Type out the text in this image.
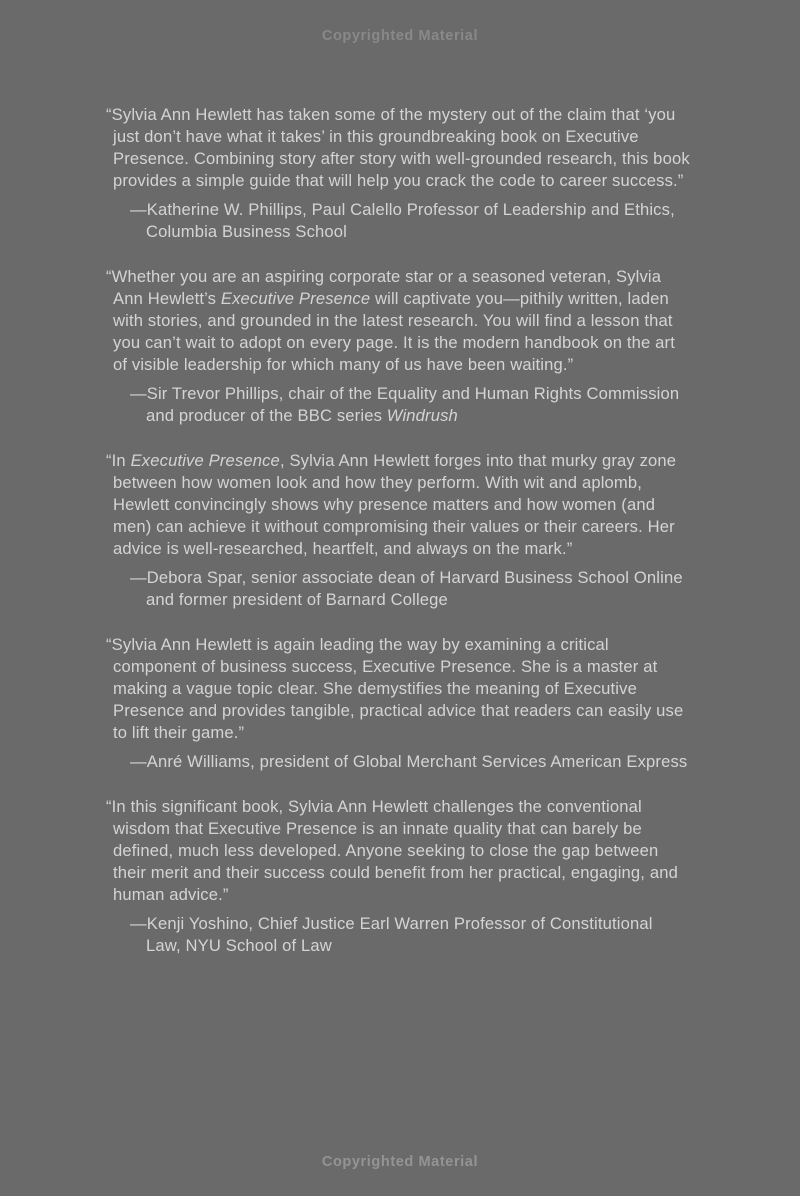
Copyrighted Material

“Sylvia Ann Hewlett has taken some of the mystery out of the claim that ‘you just don’t have what it takes’ in this groundbreaking book on Executive Presence. Combining story after story with well-grounded research, this book provides a simple guide that will help you crack the code to career success.”

—Katherine W. Phillips, Paul Calello Professor of Leadership and Ethics, Columbia Business School

“Whether you are an aspiring corporate star or a seasoned veteran, Sylvia Ann Hewlett’s Executive Presence will captivate you—pithily written, laden with stories, and grounded in the latest research. You will find a lesson that you can’t wait to adopt on every page. It is the modern handbook on the art of visible leadership for which many of us have been waiting.”

—Sir Trevor Phillips, chair of the Equality and Human Rights Commission and producer of the BBC series Windrush

“In Executive Presence, Sylvia Ann Hewlett forges into that murky gray zone between how women look and how they perform. With wit and aplomb, Hewlett convincingly shows why presence matters and how women (and men) can achieve it without compromising their values or their careers. Her advice is well-researched, heartfelt, and always on the mark.”

—Debora Spar, senior associate dean of Harvard Business School Online and former president of Barnard College

“Sylvia Ann Hewlett is again leading the way by examining a critical component of business success, Executive Presence. She is a master at making a vague topic clear. She demystifies the meaning of Executive Presence and provides tangible, practical advice that readers can easily use to lift their game.”

—Anré Williams, president of Global Merchant Services American Express

“In this significant book, Sylvia Ann Hewlett challenges the conventional wisdom that Executive Presence is an innate quality that can barely be defined, much less developed. Anyone seeking to close the gap between their merit and their success could benefit from her practical, engaging, and human advice.”

—Kenji Yoshino, Chief Justice Earl Warren Professor of Constitutional Law, NYU School of Law

Copyrighted Material
